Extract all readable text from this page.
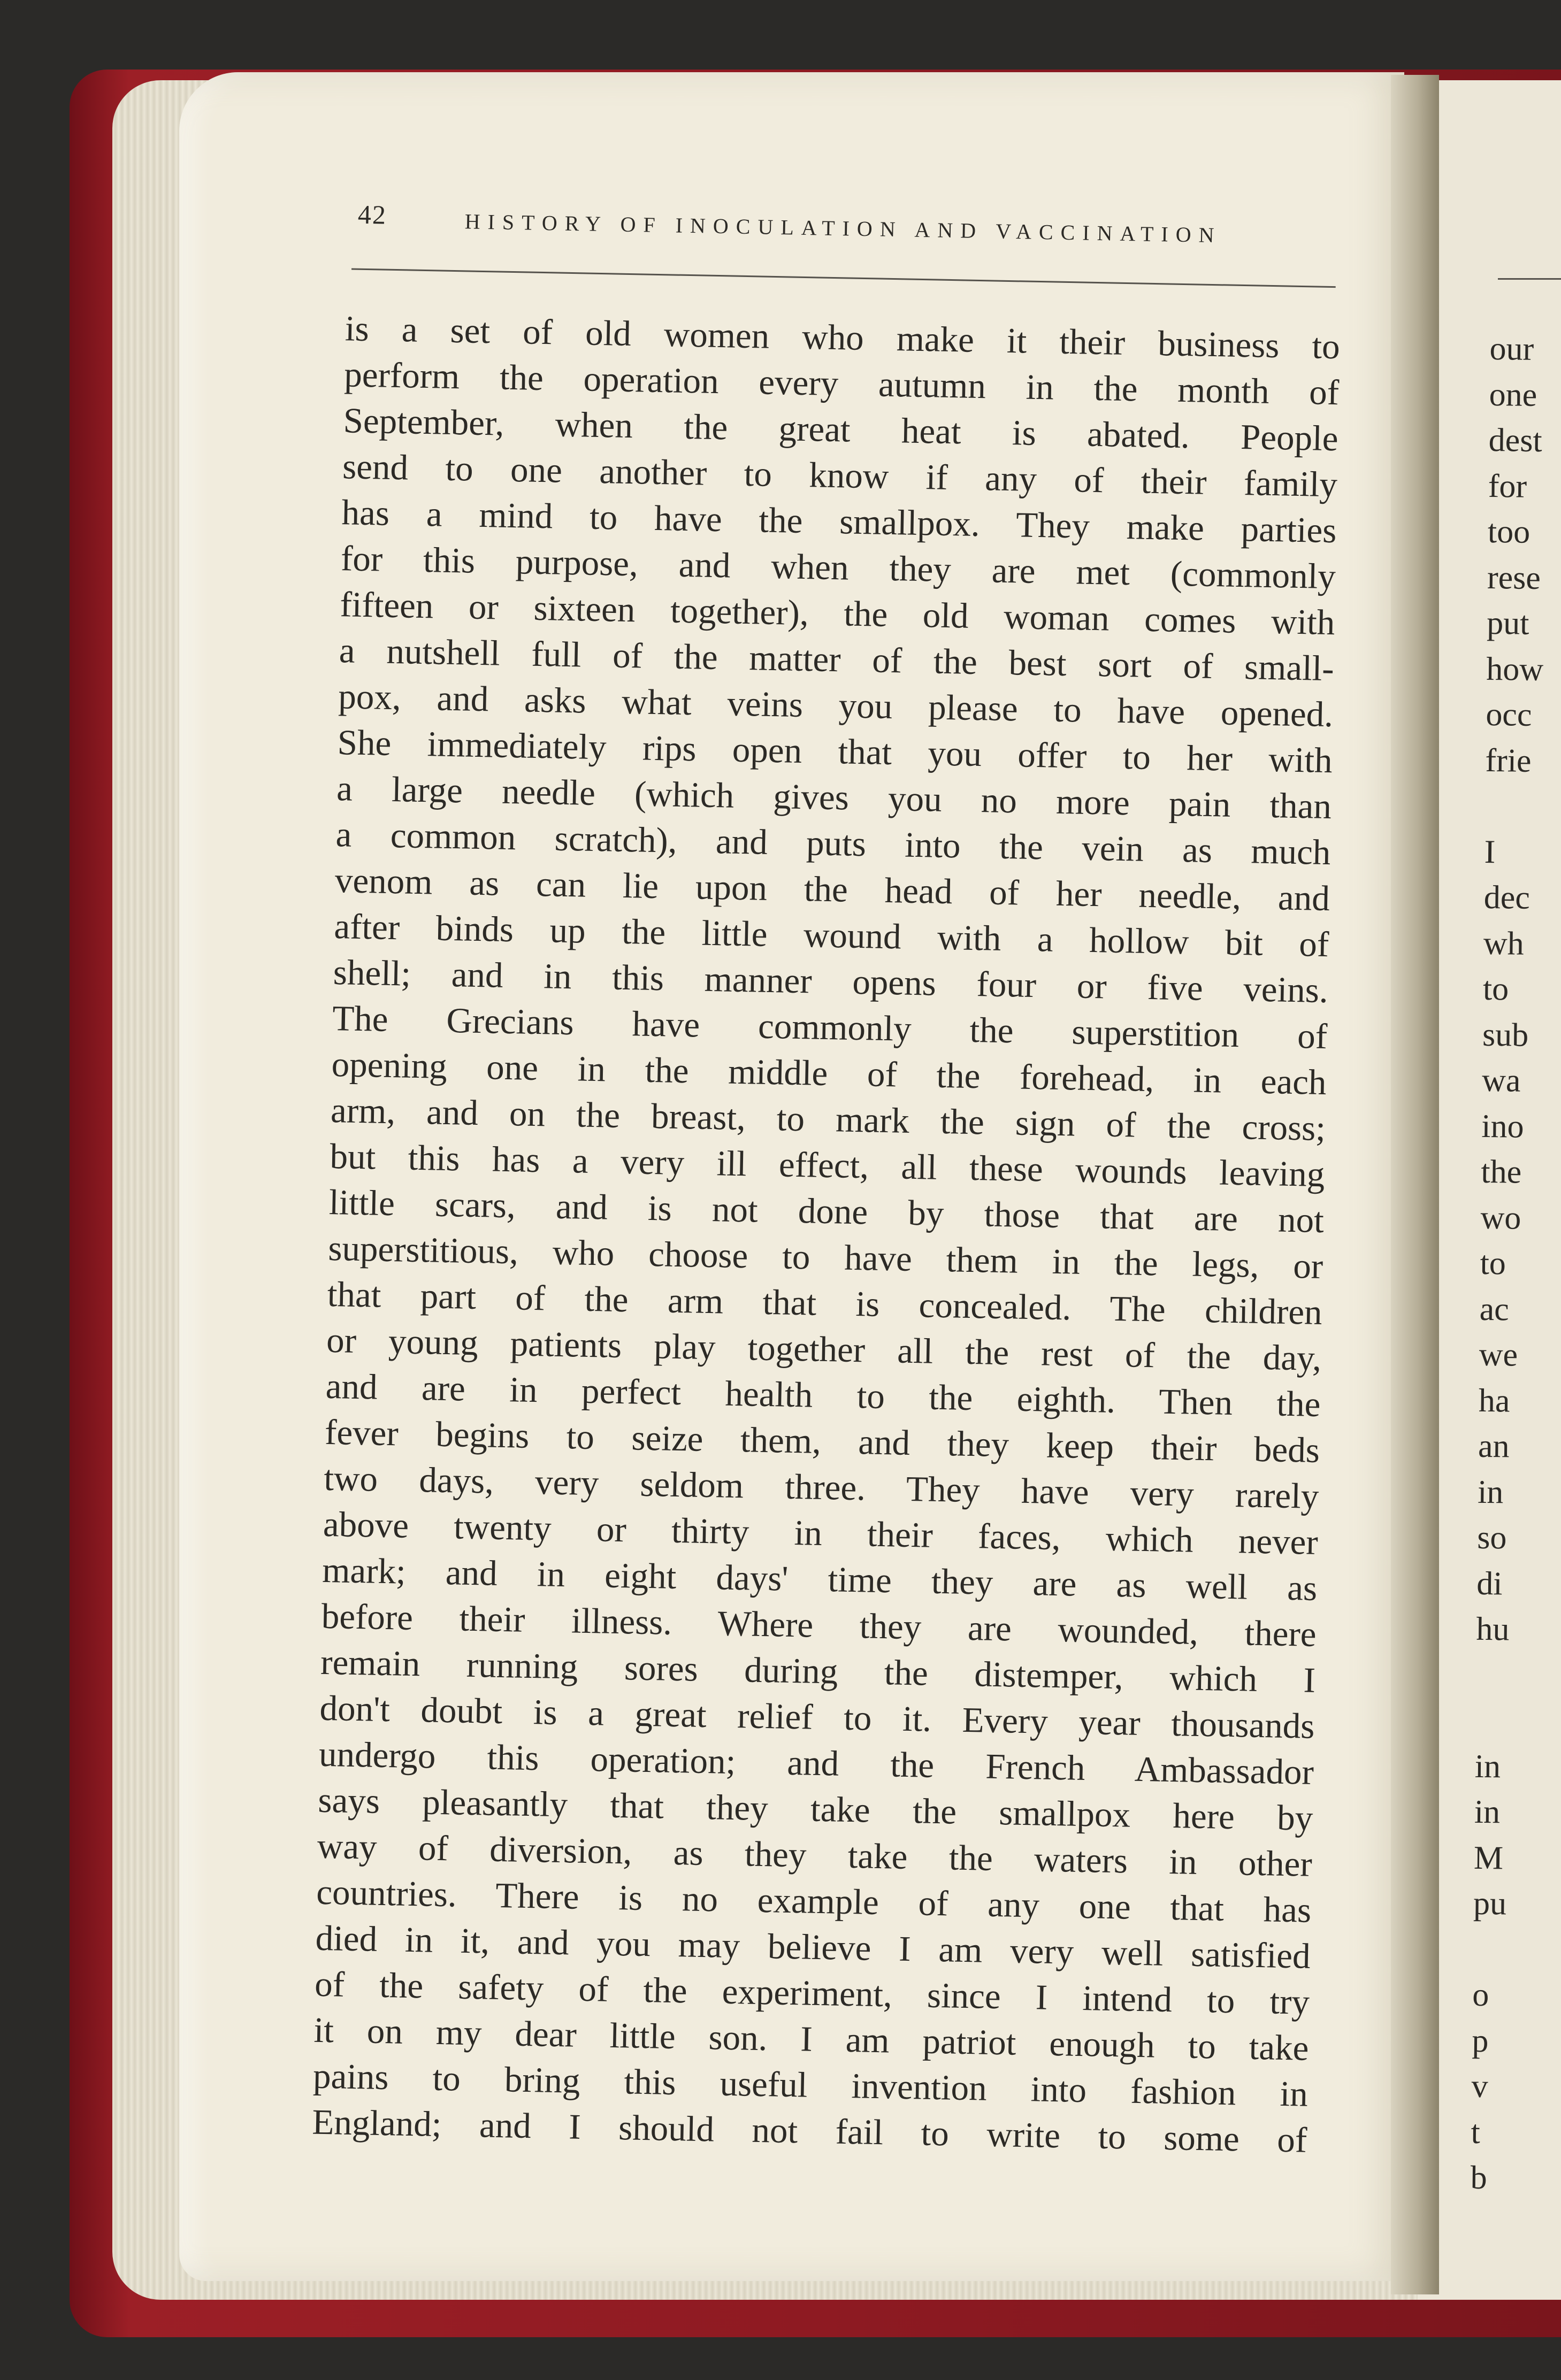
42	HISTORY OF INOCULATION AND VACCINATION
is a set of old women who make it their business to
perform the operation every autumn in the month of
September, when the great heat is abated. People
send to one another to know if any of their family
has a mind to have the smallpox. They make parties
for this purpose, and when they are met (commonly
fifteen or sixteen together), the old woman comes with
a nutshell full of the matter of the best sort of small-
pox, and asks what veins you please to have opened.
She immediately rips open that you offer to her with
a large needle (which gives you no more pain than
a common scratch), and puts into the vein as much
venom as can lie upon the head of her needle, and
after binds up the little wound with a hollow bit of
shell; and in this manner opens four or five veins.
The Grecians have commonly the superstition of
opening one in the middle of the forehead, in each
arm, and on the breast, to mark the sign of the cross;
but this has a very ill effect, all these wounds leaving
little scars, and is not done by those that are not
superstitious, who choose to have them in the legs, or
that part of the arm that is concealed. The children
or young patients play together all the rest of the day,
and are in perfect health to the eighth. Then the
fever begins to seize them, and they keep their beds
two days, very seldom three. They have very rarely
above twenty or thirty in their faces, which never
mark; and in eight days' time they are as well as
before their illness. Where they are wounded, there
remain running sores during the distemper, which I
don't doubt is a great relief to it. Every year thousands
undergo this operation; and the French Ambassador
says pleasantly that they take the smallpox here by
way of diversion, as they take the waters in other
countries. There is no example of any one that has
died in it, and you may believe I am very well satisfied
of the safety of the experiment, since I intend to try
it on my dear little son. I am patriot enough to take
pains to bring this useful invention into fashion in
England; and I should not fail to write to some of
our
one
dest
for
too
rese
put
how
occ
frie
I
dec
wh
to
sub
wa
ino
the
wo
to
ac
we
ha
an
in
so
di
hu
in
in
M
pu
o
p
v
t
b
